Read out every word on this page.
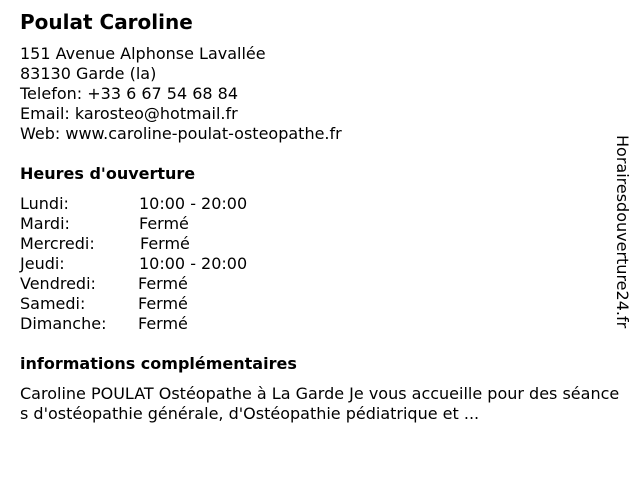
Poulat Caroline
151 Avenue Alphonse Lavallée
83130 Garde (la)
Telefon: +33 6 67 54 68 84
Email: karosteo@hotmail.fr
Web: www.caroline-poulat-osteopathe.fr
Heures d'ouverture
Lundi:	10:00 - 20:00
Mardi:	Fermé
Mercredi:	Fermé
Jeudi:	10:00 - 20:00
Vendredi:	Fermé
Samedi:	Fermé
Dimanche: Fermé
informations complémentaires
Caroline POULAT Ostéopathe à La Garde Je vous accueille pour des séances d'ostéopathie générale, d'Ostéopathie pédiatrique et ...
Horairesdouverture24.fr
